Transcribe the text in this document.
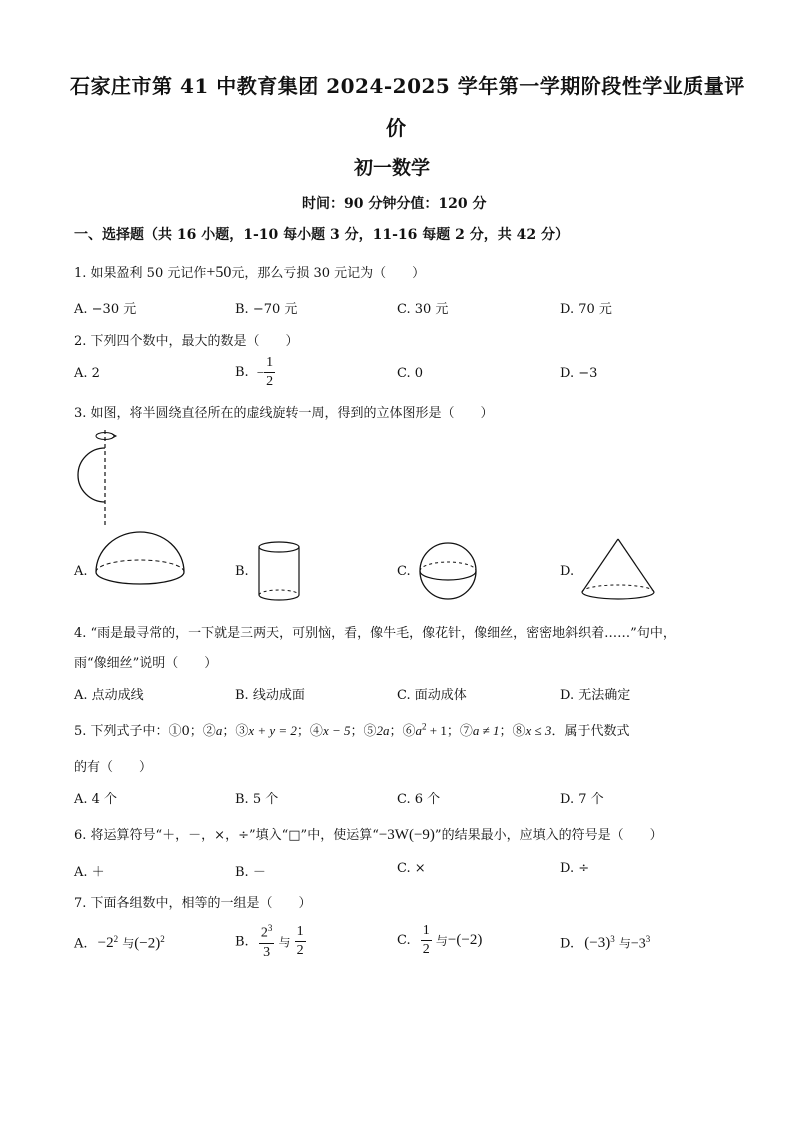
石家庄市第 41 中教育集团 2024-2025 学年第一学期阶段性学业质量评
价
初一数学
时间：90 分钟分值：120 分
一、选择题（共 16 小题，1-10 每小题 3 分，11-16 每题 2 分，共 42 分）
1. 如果盈利 50 元记作+50元，那么亏损 30 元记为（　　）
A. −30 元	B. −70 元	C. 30 元	D. 70 元
2. 下列四个数中，最大的数是（　　）
A. 2	B. − $\frac{1}{2}$	C. 0	D. −3
3. 如图，将半圆绕直径所在的虚线旋转一周，得到的立体图形是（　　）
A.	B.	C.	D.
4. “雨是最寻常的，一下就是三两天，可别恼，看，像牛毛，像花针，像细丝，密密地斜织着……”句中，
雨“像细丝”说明（　　）
A. 点动成线	B. 线动成面	C. 面动成体	D. 无法确定
5. 下列式子中：①0；②a；③x + y = 2；④x − 5；⑤2a；$⑥a^2 + 1$；⑦a ≠ 1；⑧x ≤ 3．属于代数式
的有（　　）
A. 4 个	B. 5 个	C. 6 个	D. 7 个
6. 将运算符号“＋，－，×，÷”填入“□”中，使运算“−3W(−9)”的结果最小，应填入的符号是（　　）
A. ＋	B. －	C. ×	D. ÷
7. 下面各组数中，相等的一组是（　　）
A. $-2^2$ 与$(-2)^2$	B. $\frac{2^3}{3}$ 与 $\frac{1}{2}$	C. $\frac{1}{2}$ 与−(−2)	D. $(-3)^3$ 与$-3^3$
